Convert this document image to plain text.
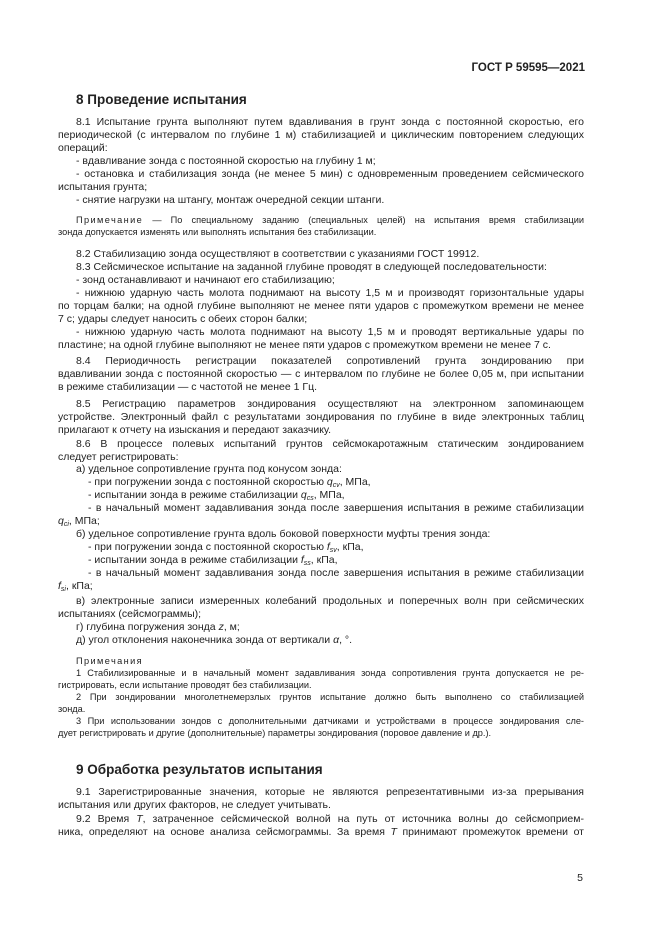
ГОСТ Р 59595—2021
8 Проведение испытания
8.1 Испытание грунта выполняют путем вдавливания в грунт зонда с постоянной скоростью, его
периодической (с интервалом по глубине 1 м) стабилизацией и циклическим повторением следующих
операций:
- вдавливание зонда с постоянной скоростью на глубину 1 м;
- остановка и стабилизация зонда (не менее 5 мин) с одновременным проведением сейсмического
испытания грунта;
- снятие нагрузки на штангу, монтаж очередной секции штанги.
Примечание — По специальному заданию (специальных целей) на испытания время стабилизации
зонда допускается изменять или выполнять испытания без стабилизации.
8.2 Стабилизацию зонда осуществляют в соответствии с указаниями ГОСТ 19912.
8.3 Сейсмическое испытание на заданной глубине проводят в следующей последовательности:
- зонд останавливают и начинают его стабилизацию;
- нижнюю ударную часть молота поднимают на высоту 1,5 м и производят горизонтальные удары
по торцам балки; на одной глубине выполняют не менее пяти ударов с промежутком времени не менее
7 с; удары следует наносить с обеих сторон балки;
- нижнюю ударную часть молота поднимают на высоту 1,5 м и проводят вертикальные удары по
пластине; на одной глубине выполняют не менее пяти ударов с промежутком времени не менее 7 с.
8.4 Периодичность регистрации показателей сопротивлений грунта зондированию при
вдавливании зонда с постоянной скоростью — с интервалом по глубине не более 0,05 м, при испытании
в режиме стабилизации — с частотой не менее 1 Гц.
8.5 Регистрацию параметров зондирования осуществляют на электронном запоминающем
устройстве. Электронный файл с результатами зондирования по глубине в виде электронных таблиц
прилагают к отчету на изыскания и передают заказчику.
8.6 В процессе полевых испытаний грунтов сейсмокаротажным статическим зондированием
следует регистрировать:
а) удельное сопротивление грунта под конусом зонда:
- при погружении зонда с постоянной скоростью $q_{cv}$, МПа,
- испытании зонда в режиме стабилизации $q_{cs}$, МПа,
- в начальный момент задавливания зонда после завершения испытания в режиме стабилизации
$q_{ci}$, МПа;
б) удельное сопротивление грунта вдоль боковой поверхности муфты трения зонда:
- при погружении зонда с постоянной скоростью $f_{sv}$, кПа,
- испытании зонда в режиме стабилизации $f_{ss}$, кПа,
- в начальный момент задавливания зонда после завершения испытания в режиме стабилизации
$f_{si}$, кПа;
в) электронные записи измеренных колебаний продольных и поперечных волн при сейсмических
испытаниях (сейсмограммы);
г) глубина погружения зонда z, м;
д) угол отклонения наконечника зонда от вертикали α, °.
Примечания
1 Стабилизированные и в начальный момент задавливания зонда сопротивления грунта допускается не ре-
гистрировать, если испытание проводят без стабилизации.
2 При зондировании многолетнемерзлых грунтов испытание должно быть выполнено со стабилизацией
зонда.
3 При использовании зондов с дополнительными датчиками и устройствами в процессе зондирования сле-
дует регистрировать и другие (дополнительные) параметры зондирования (поровое давление и др.).
9 Обработка результатов испытания
9.1 Зарегистрированные значения, которые не являются репрезентативными из-за прерывания
испытания или других факторов, не следует учитывать.
9.2 Время T, затраченное сейсмической волной на путь от источника волны до сейсмоприем-
ника, определяют на основе анализа сейсмограммы. За время T принимают промежуток времени от
5
